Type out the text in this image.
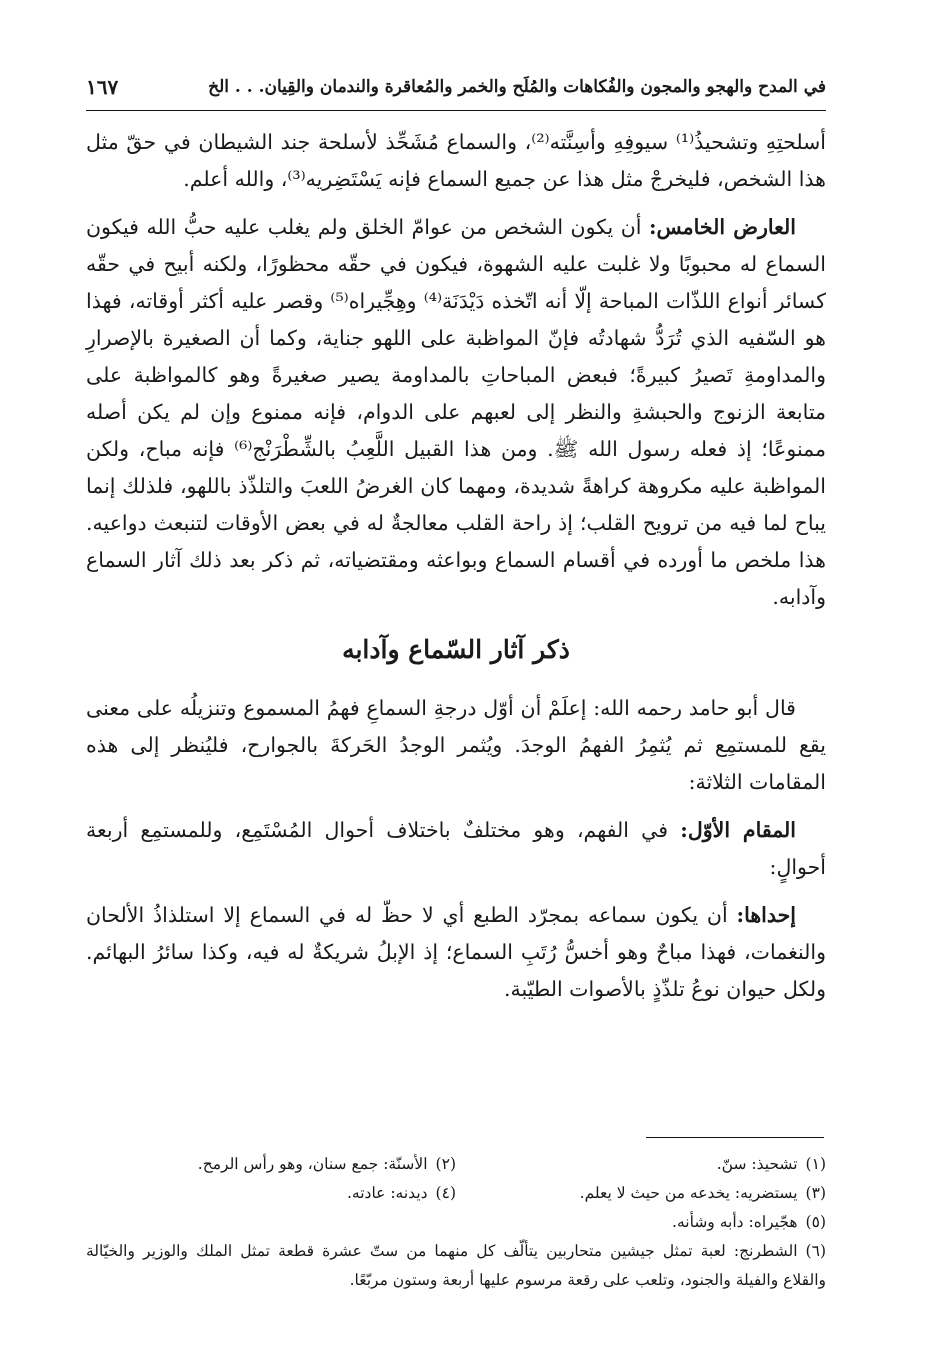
في المدح والهجو والمجون والفُكاهات والمُلَح والخمر والمُعاقرة والندمان والقِيان. . . الخ
١٦٧

أسلحتِهِ وتشحيذُ⁽¹⁾ سيوفِهِ وأسِنَّته⁽²⁾، والسماع مُشَحِّذ لأسلحة جند الشيطان في حقّ مثل هذا الشخص، فليخرجْ مثل هذا عن جميع السماع فإنه يَسْتَضِريه⁽³⁾، والله أعلم.

العارض الخامس: أن يكون الشخص من عوامّ الخلق ولم يغلب عليه حبُّ الله فيكون السماع له محبوبًا ولا غلبت عليه الشهوة، فيكون في حقّه محظورًا، ولكنه أبيح في حقّه كسائر أنواع اللذّات المباحة إلّا أنه اتّخذه دَيْدَنَة⁽⁴⁾ وهِجِّيراه⁽⁵⁾ وقصر عليه أكثر أوقاته، فهذا هو السّفيه الذي تُرَدُّ شهادتُه فإنّ المواظبة على اللهو جناية، وكما أن الصغيرة بالإصرارِ والمداومةِ تَصيرُ كبيرةً؛ فبعض المباحاتِ بالمداومة يصير صغيرةً وهو كالمواظبة على متابعة الزنوج والحبشةِ والنظر إلى لعبهم على الدوام، فإنه ممنوع وإن لم يكن أصله ممنوعًا؛ إذ فعله رسول الله ﷺ. ومن هذا القبيل اللَّعِبُ بالشِّطْرَنْج⁽⁶⁾ فإنه مباح، ولكن المواظبة عليه مكروهة كراهةً شديدة، ومهما كان الغرضُ اللعبَ والتلذّذ باللهو، فلذلك إنما يباح لما فيه من ترويح القلب؛ إذ راحة القلب معالجةٌ له في بعض الأوقات لتنبعث دواعيه. هذا ملخص ما أورده في أقسام السماع وبواعثه ومقتضياته، ثم ذكر بعد ذلك آثار السماع وآدابه.

ذكر آثار السّماع وآدابه

قال أبو حامد رحمه الله: إعلَمْ أن أوّل درجةِ السماعِ فهمُ المسموع وتنزيلُه على معنى يقع للمستمِع ثم يُثمِرُ الفهمُ الوجدَ. ويُثمر الوجدُ الحَركةَ بالجوارح، فليُنظر إلى هذه المقامات الثلاثة:

المقام الأوّل: في الفهم، وهو مختلفٌ باختلاف أحوال المُسْتَمِع، وللمستمِع أربعة أحوالٍ:

إحداها: أن يكون سماعه بمجرّد الطبع أي لا حظّ له في السماع إلا استلذاذُ الألحان والنغمات، فهذا مباحٌ وهو أخسُّ رُتَبِ السماع؛ إذ الإبلُ شريكةٌ له فيه، وكذا سائرُ البهائم. ولكل حيوان نوعُ تلذّذٍ بالأصوات الطيّبة.

(١)تشحيذ: سنّ.
(٢)الأسنّة: جمع سنان، وهو رأس الرمح.
(٣)يستضريه: يخدعه من حيث لا يعلم.
(٤)ديدنه: عادته.
(٥)هجّيراه: دأبه وشأنه.
(٦)الشطرنج: لعبة تمثل جيشين متحاربين يتألّف كل منهما من ستّ عشرة قطعة تمثل الملك والوزير والخيّالة والقلاع والفيلة والجنود، وتلعب على رقعة مرسوم عليها أربعة وستون مربّعًا.
